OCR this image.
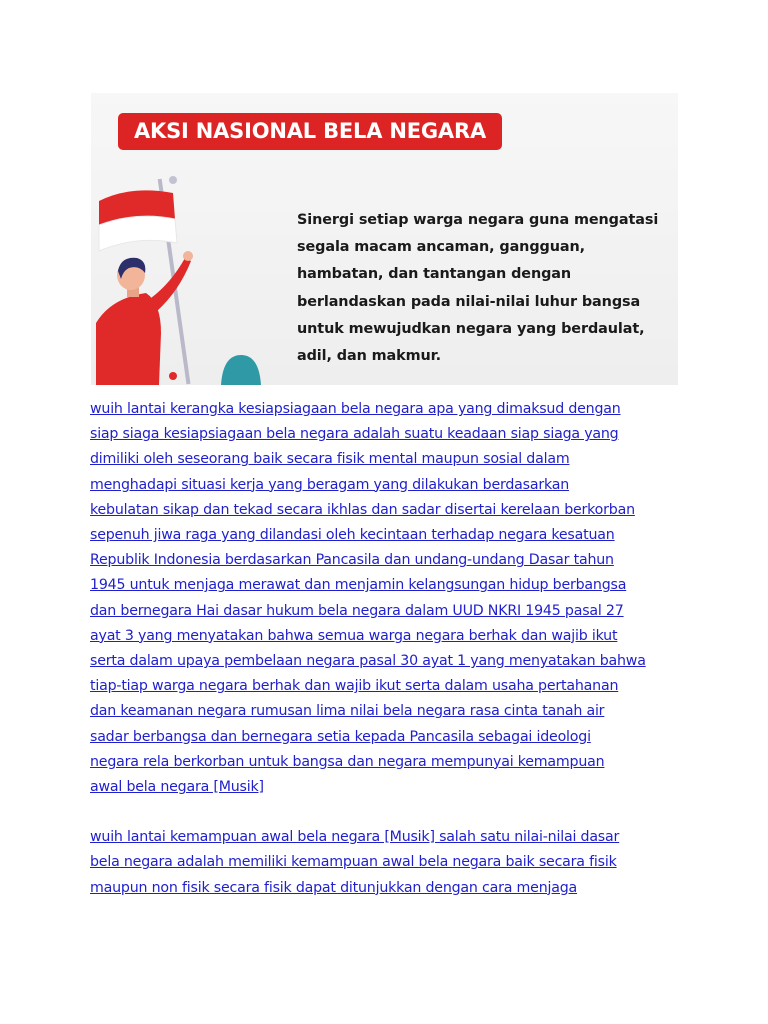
AKSI NASIONAL BELA NEGARA
Sinergi setiap warga negara guna mengatasi
segala macam ancaman, gangguan,
hambatan, dan tantangan dengan
berlandaskan pada nilai-nilai luhur bangsa
untuk mewujudkan negara yang berdaulat,
adil, dan makmur.

wuih lantai kerangka kesiapsiagaan bela negara apa yang dimaksud dengan
siap siaga kesiapsiagaan bela negara adalah suatu keadaan siap siaga yang
dimiliki oleh seseorang baik secara fisik mental maupun sosial dalam
menghadapi situasi kerja yang beragam yang dilakukan berdasarkan
kebulatan sikap dan tekad secara ikhlas dan sadar disertai kerelaan berkorban
sepenuh jiwa raga yang dilandasi oleh kecintaan terhadap negara kesatuan
Republik Indonesia berdasarkan Pancasila dan undang-undang Dasar tahun
1945 untuk menjaga merawat dan menjamin kelangsungan hidup berbangsa
dan bernegara Hai dasar hukum bela negara dalam UUD NKRI 1945 pasal 27
ayat 3 yang menyatakan bahwa semua warga negara berhak dan wajib ikut
serta dalam upaya pembelaan negara pasal 30 ayat 1 yang menyatakan bahwa
tiap-tiap warga negara berhak dan wajib ikut serta dalam usaha pertahanan
dan keamanan negara rumusan lima nilai bela negara rasa cinta tanah air
sadar berbangsa dan bernegara setia kepada Pancasila sebagai ideologi
negara rela berkorban untuk bangsa dan negara mempunyai kemampuan
awal bela negara [Musik]

wuih lantai kemampuan awal bela negara [Musik] salah satu nilai-nilai dasar
bela negara adalah memiliki kemampuan awal bela negara baik secara fisik
maupun non fisik secara fisik dapat ditunjukkan dengan cara menjaga
